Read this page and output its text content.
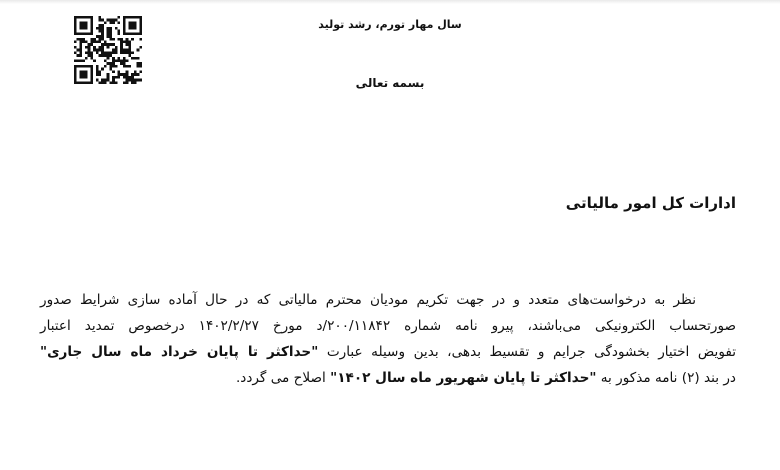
سال مهار تورم، رشد تولید
بسمه تعالی
ادارات کل امور مالیاتی
نظر به درخواست‌های متعدد و در جهت تکریم مودیان محترم مالیاتی که در حال آماده سازی شرایط صدور
صورتحساب الکترونیکی می‌باشند، پیرو نامه شماره ۲۰۰/۱۱۸۴۲/د مورخ ۱۴۰۲/۲/۲۷ درخصوص تمدید اعتبار
تفویض اختیار بخشودگی جرایم و تقسیط بدهی، بدین وسیله عبارت "حداکثر تا پایان خرداد ماه سال جاری"
در بند (۲) نامه مذکور به "حداکثر تا پایان شهریور ماه سال ۱۴۰۲" اصلاح می گردد.
